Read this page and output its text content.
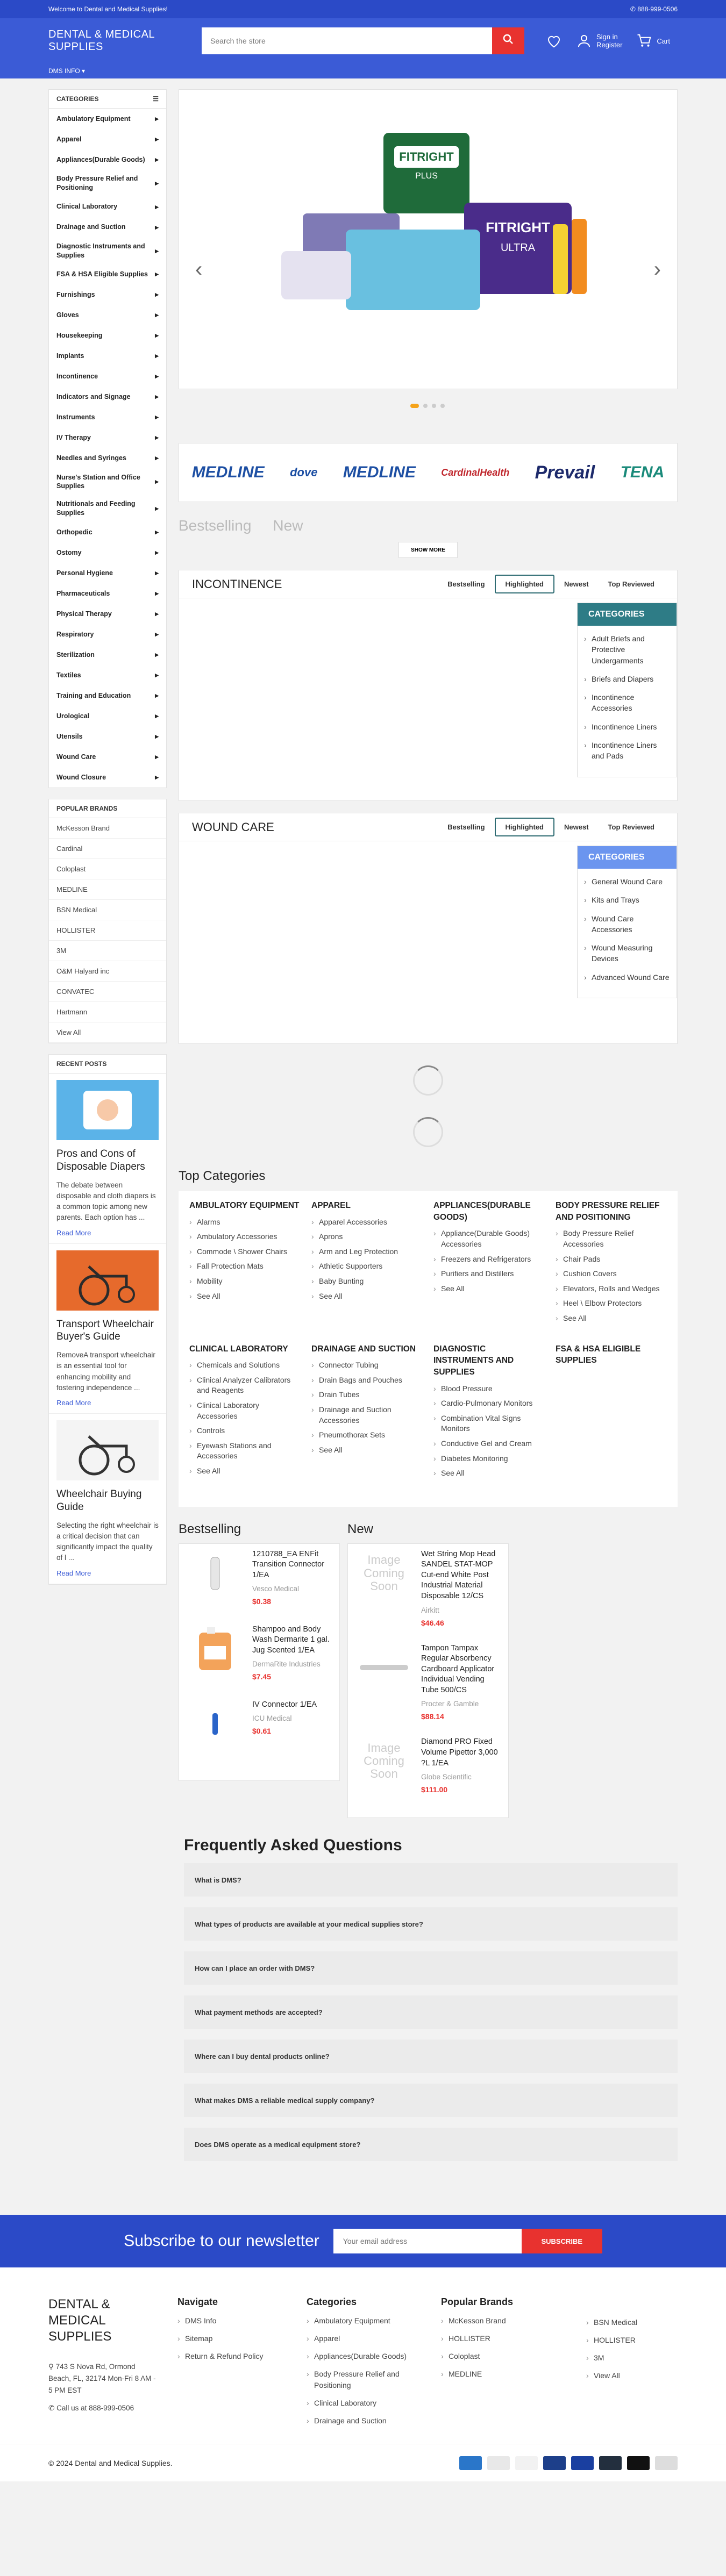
Welcome to Dental and Medical Supplies!	✆ 888-999-0506
DENTAL & MEDICAL SUPPLIES
Search the store
Sign in
Register	Cart
DMS INFO
▾
CATEGORIES	☰
Ambulatory Equipment	▶
Apparel	▶
Appliances(Durable Goods) ▶
Body Pressure Relief and Positioning
▶
Clinical Laboratory	▶
Drainage and Suction	▶
Diagnostic Instruments and Supplies
▶
FSA & HSA Eligible Supplies ▶
Furnishings	▶
Gloves	▶
Housekeeping	▶
Implants	▶
Incontinence	▶
Indicators and Signage	▶
Instruments	▶
IV Therapy	▶
Needles and Syringes	▶
Nurse's Station and Office Supplies
▶
Nutritionals and Feeding Supplies
▶
Orthopedic	▶
Ostomy	▶
Personal Hygiene	▶
Pharmaceuticals	▶
Physical Therapy	▶
Respiratory	▶
Sterilization	▶
Textiles	▶
Training and Education	▶
Urological	▶
Utensils	▶
Wound Care	▶
Wound Closure	▶
POPULAR BRANDS
McKesson Brand
Cardinal
Coloplast
MEDLINE
BSN Medical
HOLLISTER
3M
O&M Halyard inc
CONVATEC
Hartmann
View All
RECENT POSTS
Pros and Cons of Disposable Diapers
The debate between disposable and cloth diapers is a common topic among new parents. Each option has ...
Read More
Transport Wheelchair Buyer's Guide
RemoveA transport wheelchair is an essential tool for enhancing mobility and fostering independence ...
Read More
Wheelchair Buying Guide
Selecting the right wheelchair is a critical decision that can significantly impact the quality of l ...
Read More
‹	›
FITRIGHT
PLUS
FITRIGHT
ULTRA
MEDLINE dove MEDLINE	CardinalHealth Prevail TENA
Bestselling New
SHOW MORE
INCONTINENCE	Bestselling	Highlighted	Newest	Top Reviewed
CATEGORIES
› Adult Briefs and Protective Undergarments
› Briefs and Diapers
› Incontinence Accessories
› Incontinence Liners
› Incontinence Liners and Pads
WOUND CARE	Bestselling	Highlighted	Newest	Top Reviewed
CATEGORIES
› General Wound Care
› Kits and Trays
› Wound Care Accessories
› Wound Measuring Devices
› Advanced Wound Care
Top Categories
AMBULATORY EQUIPMENT
› Alarms
› Ambulatory Accessories
› Commode \ Shower Chairs
› Fall Protection Mats
› Mobility
› See All
APPAREL
› Apparel Accessories
› Aprons
› Arm and Leg Protection
› Athletic Supporters
› Baby Bunting
› See All
APPLIANCES(DURABLE GOODS)
› Appliance(Durable Goods) Accessories
› Freezers and Refrigerators
› Purifiers and Distillers
› See All
BODY PRESSURE RELIEF AND POSITIONING
› Body Pressure Relief Accessories
› Chair Pads
› Cushion Covers
› Elevators, Rolls and Wedges
› Heel \ Elbow Protectors
› See All
CLINICAL LABORATORY
› Chemicals and Solutions
› Clinical Analyzer Calibrators and Reagents
› Clinical Laboratory Accessories
› Controls
› Eyewash Stations and Accessories
› See All
DRAINAGE AND SUCTION
› Connector Tubing
› Drain Bags and Pouches
› Drain Tubes
› Drainage and Suction Accessories
› Pneumothorax Sets
› See All
DIAGNOSTIC INSTRUMENTS AND SUPPLIES
› Blood Pressure
› Cardio-Pulmonary Monitors
› Combination Vital Signs Monitors
› Conductive Gel and Cream
› Diabetes Monitoring
› See All
FSA & HSA ELIGIBLE SUPPLIES
Bestselling
1210788_EA ENFit Transition Connector 1/EA
Vesco Medical
$0.38
Shampoo and Body Wash Dermarite 1 gal. Jug Scented 1/EA
DermaRite Industries
$7.45
IV Connector 1/EA
ICU Medical
$0.61
New
Image Coming Soon
Wet String Mop Head SANDEL STAT-MOP Cut-end White Post Industrial Material Disposable 12/CS
Airkitt
$46.46
Tampon Tampax Regular Absorbency Cardboard Applicator Individual Vending Tube 500/CS
Procter & Gamble
$88.14
Image Coming Soon
Diamond PRO Fixed Volume Pipettor 3,000 ?L 1/EA
Globe Scientific
$111.00
Frequently Asked Questions
What is DMS?
What types of products are available at your medical supplies store?
How can I place an order with DMS?
What payment methods are accepted?
Where can I buy dental products online?
What makes DMS a reliable medical supply company?
Does DMS operate as a medical equipment store?
Subscribe to our newsletter
Your email address	SUBSCRIBE
DENTAL & MEDICAL SUPPLIES
⚲ 743 S Nova Rd, Ormond Beach, FL, 32174 Mon-Fri 8 AM - 5 PM EST
✆ Call us at 888-999-0506
Navigate
› DMS Info
› Sitemap
› Return & Refund Policy
Categories
› Ambulatory Equipment
› Apparel
› Appliances(Durable Goods)
› Body Pressure Relief and Positioning
› Clinical Laboratory
› Drainage and Suction
Popular Brands
› McKesson Brand
› HOLLISTER
› Coloplast
› MEDLINE
› BSN Medical
› HOLLISTER
› 3M
› View All
© 2024 Dental and Medical Supplies.
